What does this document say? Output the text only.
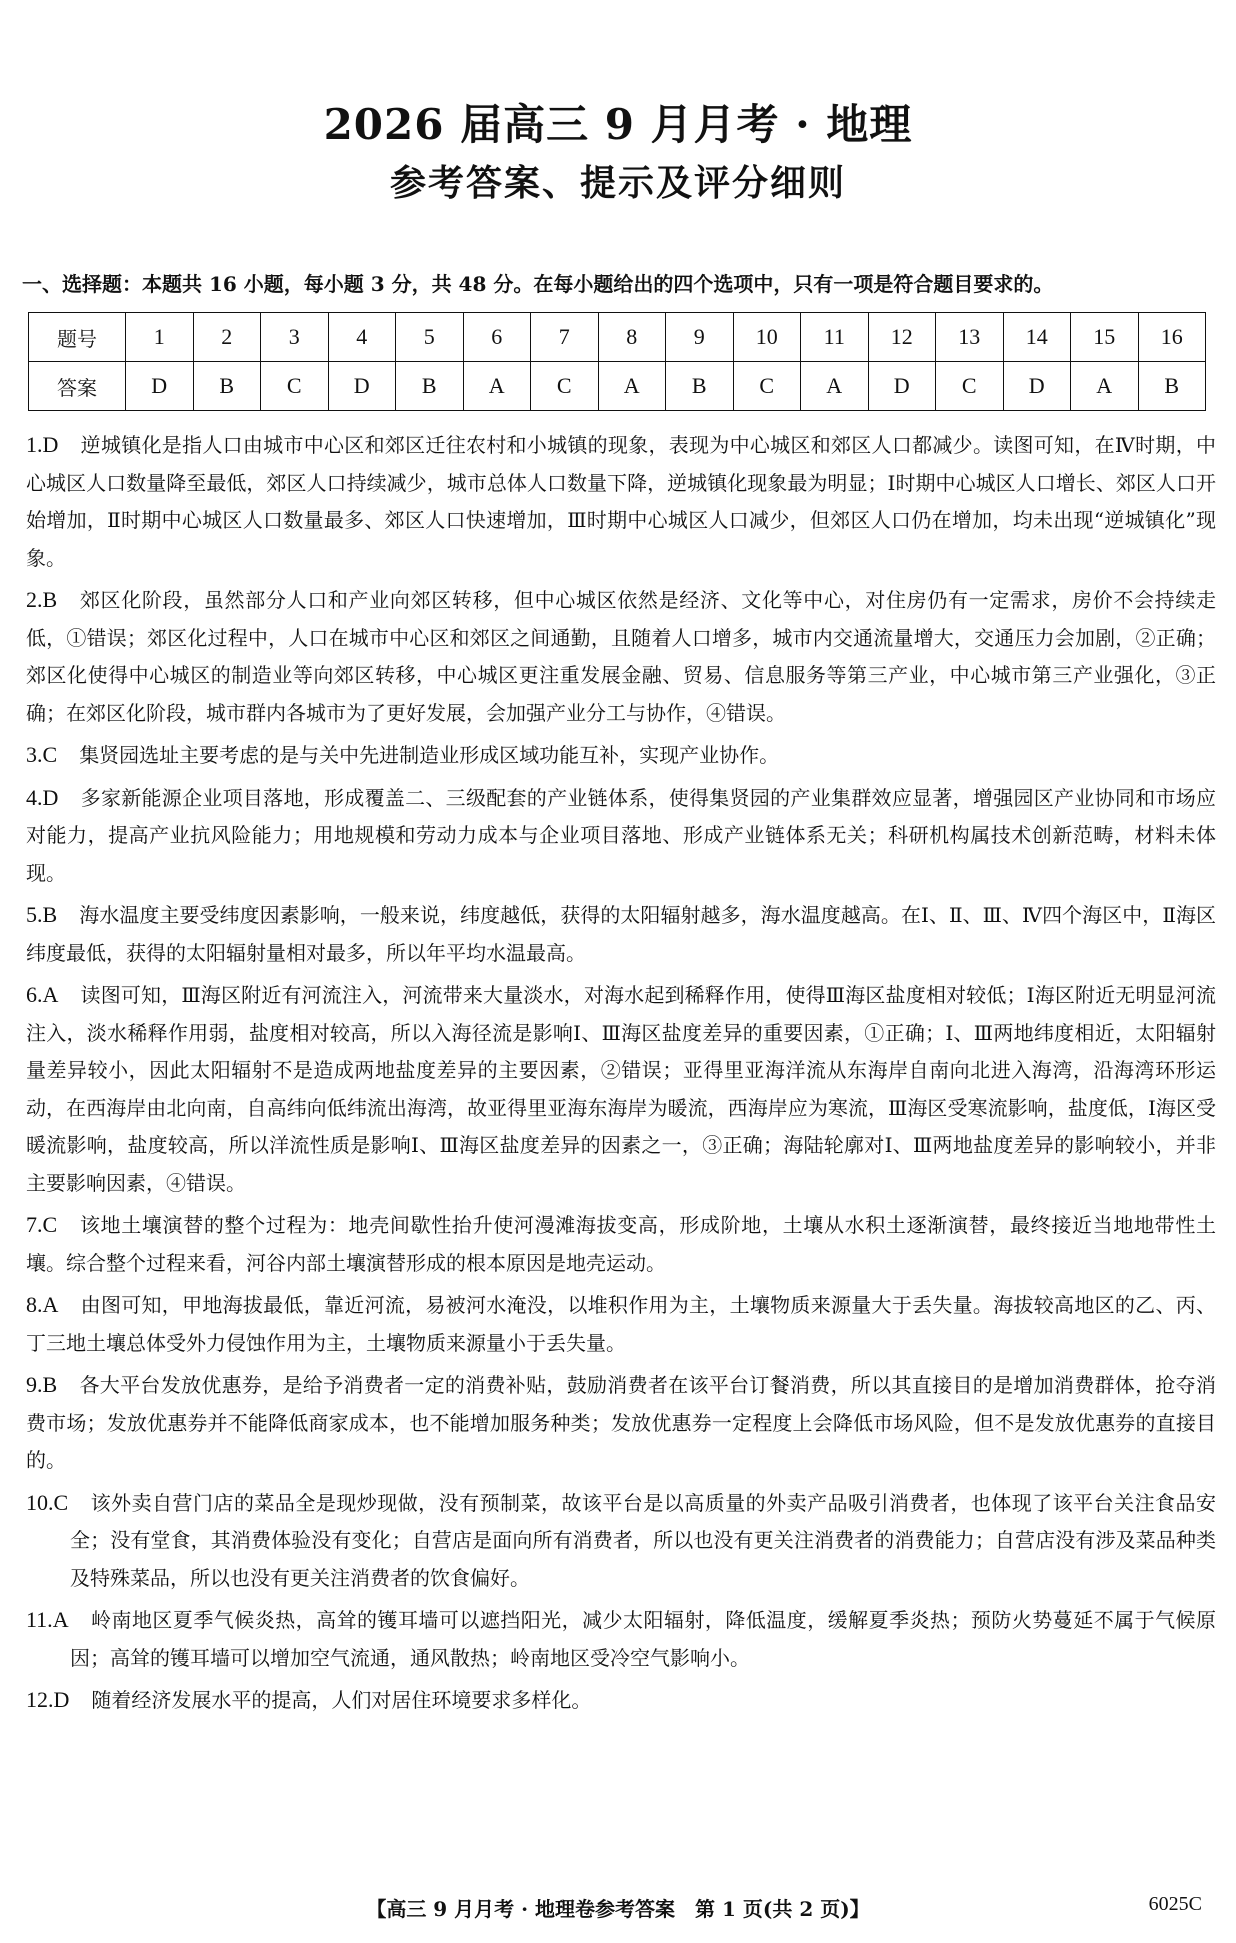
2026 届高三 9 月月考 · 地理
参考答案、提示及评分细则
一、选择题：本题共 16 小题，每小题 3 分，共 48 分。在每小题给出的四个选项中，只有一项是符合题目要求的。
题号	1	2	3	4	5	6	7	8	9	10	11	12	13	14	15	16
答案	D	B	C	D	B	A	C	A	B	C	A	D	C	D	A	B
1.D 逆城镇化是指人口由城市中心区和郊区迁往农村和小城镇的现象，表现为中心城区和郊区人口都减少。读图可知，在Ⅳ时期，中心城区人口数量降至最低，郊区人口持续减少，城市总体人口数量下降，逆城镇化现象最为明显；Ⅰ时期中心城区人口增长、郊区人口开始增加，Ⅱ时期中心城区人口数量最多、郊区人口快速增加，Ⅲ时期中心城区人口减少，但郊区人口仍在增加，均未出现“逆城镇化”现象。
2.B 郊区化阶段，虽然部分人口和产业向郊区转移，但中心城区依然是经济、文化等中心，对住房仍有一定需求，房价不会持续走低，①错误；郊区化过程中，人口在城市中心区和郊区之间通勤，且随着人口增多，城市内交通流量增大，交通压力会加剧，②正确；郊区化使得中心城区的制造业等向郊区转移，中心城区更注重发展金融、贸易、信息服务等第三产业，中心城市第三产业强化，③正确；在郊区化阶段，城市群内各城市为了更好发展，会加强产业分工与协作，④错误。
3.C 集贤园选址主要考虑的是与关中先进制造业形成区域功能互补，实现产业协作。
4.D 多家新能源企业项目落地，形成覆盖二、三级配套的产业链体系，使得集贤园的产业集群效应显著，增强园区产业协同和市场应对能力，提高产业抗风险能力；用地规模和劳动力成本与企业项目落地、形成产业链体系无关；科研机构属技术创新范畴，材料未体现。
5.B 海水温度主要受纬度因素影响，一般来说，纬度越低，获得的太阳辐射越多，海水温度越高。在Ⅰ、Ⅱ、Ⅲ、Ⅳ四个海区中，Ⅱ海区纬度最低，获得的太阳辐射量相对最多，所以年平均水温最高。
6.A 读图可知，Ⅲ海区附近有河流注入，河流带来大量淡水，对海水起到稀释作用，使得Ⅲ海区盐度相对较低；Ⅰ海区附近无明显河流注入，淡水稀释作用弱，盐度相对较高，所以入海径流是影响Ⅰ、Ⅲ海区盐度差异的重要因素，①正确；Ⅰ、Ⅲ两地纬度相近，太阳辐射量差异较小，因此太阳辐射不是造成两地盐度差异的主要因素，②错误；亚得里亚海洋流从东海岸自南向北进入海湾，沿海湾环形运动，在西海岸由北向南，自高纬向低纬流出海湾，故亚得里亚海东海岸为暖流，西海岸应为寒流，Ⅲ海区受寒流影响，盐度低，Ⅰ海区受暖流影响，盐度较高，所以洋流性质是影响Ⅰ、Ⅲ海区盐度差异的因素之一，③正确；海陆轮廓对Ⅰ、Ⅲ两地盐度差异的影响较小，并非主要影响因素，④错误。
7.C 该地土壤演替的整个过程为：地壳间歇性抬升使河漫滩海拔变高，形成阶地，土壤从水积土逐渐演替，最终接近当地地带性土壤。综合整个过程来看，河谷内部土壤演替形成的根本原因是地壳运动。
8.A 由图可知，甲地海拔最低，靠近河流，易被河水淹没，以堆积作用为主，土壤物质来源量大于丢失量。海拔较高地区的乙、丙、丁三地土壤总体受外力侵蚀作用为主，土壤物质来源量小于丢失量。
9.B 各大平台发放优惠券，是给予消费者一定的消费补贴，鼓励消费者在该平台订餐消费，所以其直接目的是增加消费群体，抢夺消费市场；发放优惠券并不能降低商家成本，也不能增加服务种类；发放优惠券一定程度上会降低市场风险，但不是发放优惠券的直接目的。
10.C 该外卖自营门店的菜品全是现炒现做，没有预制菜，故该平台是以高质量的外卖产品吸引消费者，也体现了该平台关注食品安全；没有堂食，其消费体验没有变化；自营店是面向所有消费者，所以也没有更关注消费者的消费能力；自营店没有涉及菜品种类及特殊菜品，所以也没有更关注消费者的饮食偏好。
11.A 岭南地区夏季气候炎热，高耸的镬耳墙可以遮挡阳光，减少太阳辐射，降低温度，缓解夏季炎热；预防火势蔓延不属于气候原因；高耸的镬耳墙可以增加空气流通，通风散热；岭南地区受冷空气影响小。
12.D 随着经济发展水平的提高，人们对居住环境要求多样化。
【高三 9 月月考 · 地理卷参考答案　第 1 页(共 2 页)】	6025C
